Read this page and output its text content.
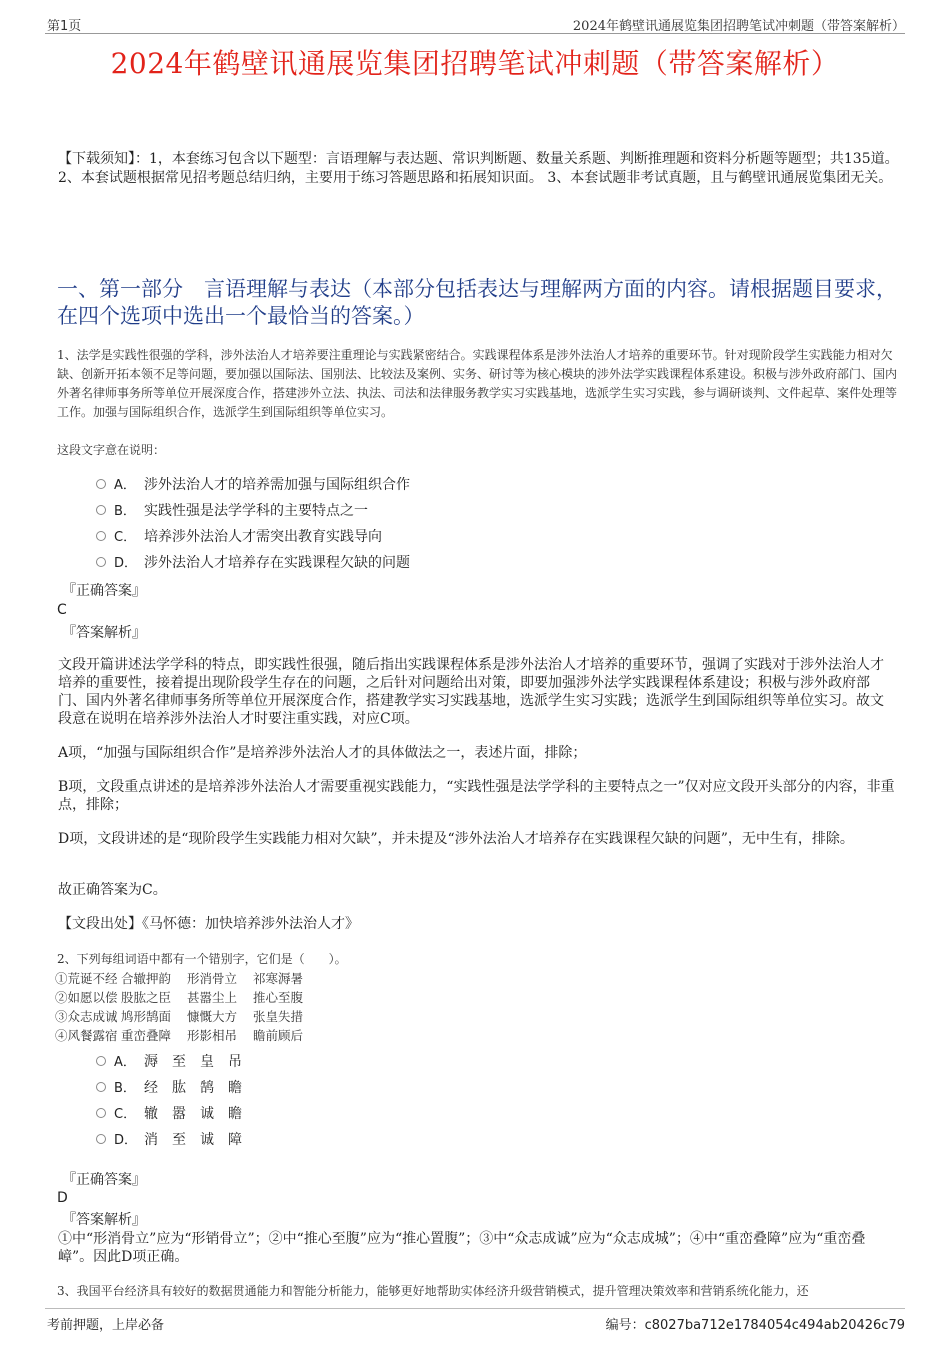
第1页	2024年鹤壁讯通展览集团招聘笔试冲刺题（带答案解析）
2024年鹤壁讯通展览集团招聘笔试冲刺题（带答案解析）
【下载须知】：1，本套练习包含以下题型：言语理解与表达题、常识判断题、数量关系题、判断推理题和资料分析题等题型；共135道。 2、本套试题根据常见招考题总结归纳，主要用于练习答题思路和拓展知识面。 3、本套试题非考试真题，且与鹤壁讯通展览集团无关。
一、第一部分　言语理解与表达（本部分包括表达与理解两方面的内容。请根据题目要求，在四个选项中选出一个最恰当的答案。）
1、法学是实践性很强的学科，涉外法治人才培养要注重理论与实践紧密结合。实践课程体系是涉外法治人才培养的重要环节。针对现阶段学生实践能力相对欠缺、创新开拓本领不足等问题，要加强以国际法、国别法、比较法及案例、实务、研讨等为核心模块的涉外法学实践课程体系建设。积极与涉外政府部门、国内外著名律师事务所等单位开展深度合作，搭建涉外立法、执法、司法和法律服务教学实习实践基地，选派学生实习实践，参与调研谈判、文件起草、案件处理等工作。加强与国际组织合作，选派学生到国际组织等单位实习。
这段文字意在说明：
A． 涉外法治人才的培养需加强与国际组织合作
B． 实践性强是法学学科的主要特点之一
C． 培养涉外法治人才需突出教育实践导向
D． 涉外法治人才培养存在实践课程欠缺的问题
『正确答案』
C
『答案解析』
文段开篇讲述法学学科的特点，即实践性很强，随后指出实践课程体系是涉外法治人才培养的重要环节，强调了实践对于涉外法治人才培养的重要性，接着提出现阶段学生存在的问题，之后针对问题给出对策，即要加强涉外法学实践课程体系建设；积极与涉外政府部门、国内外著名律师事务所等单位开展深度合作，搭建教学实习实践基地，选派学生实习实践；选派学生到国际组织等单位实习。故文段意在说明在培养涉外法治人才时要注重实践，对应C项。
A项，“加强与国际组织合作”是培养涉外法治人才的具体做法之一，表述片面，排除；
B项，文段重点讲述的是培养涉外法治人才需要重视实践能力，“实践性强是法学学科的主要特点之一”仅对应文段开头部分的内容，非重点，排除；
D项，文段讲述的是“现阶段学生实践能力相对欠缺”，并未提及“涉外法治人才培养存在实践课程欠缺的问题”，无中生有，排除。
故正确答案为C。
【文段出处】《马怀德：加快培养涉外法治人才》
2、下列每组词语中都有一个错别字，它们是（　　）。
①荒诞不经 合辙押韵 形消骨立 祁寒溽暑
②如愿以偿 股肱之臣 甚嚣尘上 推心至腹
③众志成诚 鸠形鹄面 慷慨大方 张皇失措
④风餐露宿 重峦叠障 形影相吊 瞻前顾后
A． 溽　至　皇　吊
B． 经　肱　鹄　瞻
C． 辙　嚣　诚　瞻
D． 消　至　诚　障
『正确答案』
D
『答案解析』
①中“形消骨立”应为“形销骨立”；②中“推心至腹”应为“推心置腹”；③中“众志成诚”应为“众志成城”；④中“重峦叠障”应为“重峦叠嶂”。因此D项正确。
3、我国平台经济具有较好的数据贯通能力和智能分析能力，能够更好地帮助实体经济升级营销模式，提升管理决策效率和营销系统化能力，还
考前押题，上岸必备	编号：c8027ba712e1784054c494ab20426c79
